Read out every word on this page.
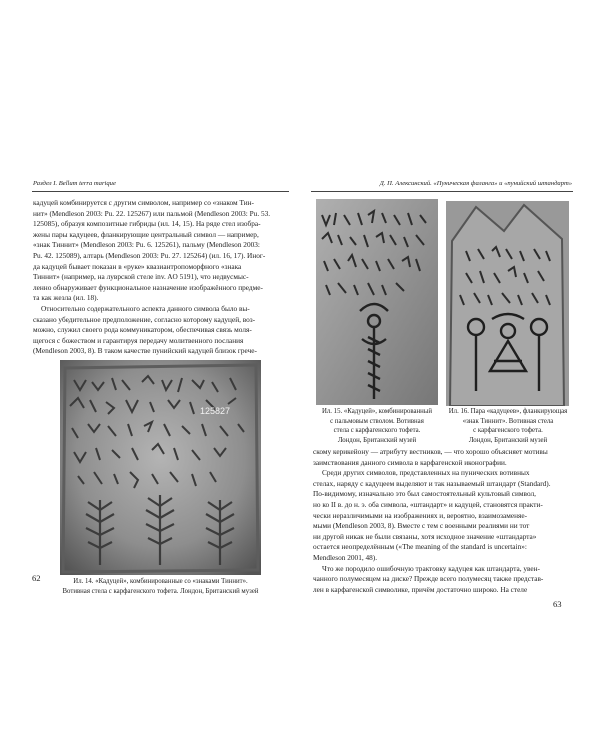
Раздел I. Bellum terra marique
кадуцей комбинируется с другим символом, например со «знаком Тин-
нит» (Mendleson 2003: Pu. 22. 125267) или пальмой (Mendleson 2003: Pu. 53.
125085), образуя композитные гибриды (ил. 14, 15). На ряде стел изобра-
жены пары кадуцеев, фланкирующие центральный символ — например,
«знак Тиннит» (Mendleson 2003: Pu. 6. 125261), пальму (Mendleson 2003:
Pu. 42. 125089), алтарь (Mendleson 2003: Pu. 27. 125264) (ил. 16, 17). Иног-
да кадуцей бывает показан в «руке» квазиантропоморфного «знака
Тиннит» (например, на луврской стеле inv. AO 5191), что недвусмыс-
ленно обнаруживает функциональное назначение изображённого предме-
та как жезла (ил. 18).
Относительно содержательного аспекта данного символа было вы-
сказано убедительное предположение, согласно которому кадуцей, воз-
можно, служил своего рода коммуникатором, обеспечивая связь моля-
щегося с божеством и гарантируя передачу молитвенного послания
(Mendleson 2003, 8). В таком качестве пунийский кадуцей близок грече-
125827
Ил. 14. «Кадуцей», комбинированные со «знаками Тиннит».
Вотивная стела с карфагенского тофета. Лондон, Британский музей
62
Д. П. Алексинский. «Пуническая фаланга» и «пунийский штандарт»
Ил. 15. «Кадуцей», комбинированный
с пальмовым стволом. Вотивная
стела с карфагенского тофета.
Лондон, Британский музей
Ил. 16. Пара «кадуцеев», фланкирующая
«знак Тиннит». Вотивная стела
с карфагенского тофета.
Лондон, Британский музей
скому керикейону — атрибуту вестников, — что хорошо объясняет мотивы
заимствования данного символа в карфагенской иконографии.
Среди других символов, представленных на пунических вотивных
стелах, наряду с кадуцеем выделяют и так называемый штандарт (Standard).
По-видимому, изначально это был самостоятельный культовый символ,
но ко II в. до н. э. оба символа, «штандарт» и кадуцей, становятся практи-
чески неразличимыми на изображениях и, вероятно, взаимозаменяе-
мыми (Mendleson 2003, 8). Вместе с тем с военными реалиями ни тот
ни другой никак не были связаны, хотя исходное значение «штандарта»
остается неопределённым («The meaning of the standard is uncertain»:
Mendleson 2001, 48).
Что же породило ошибочную трактовку кадуцея как штандарта, увен-
чанного полумесяцем на диске? Прежде всего полумесяц также представ-
лен в карфагенской символике, причём достаточно широко. На стеле
63
